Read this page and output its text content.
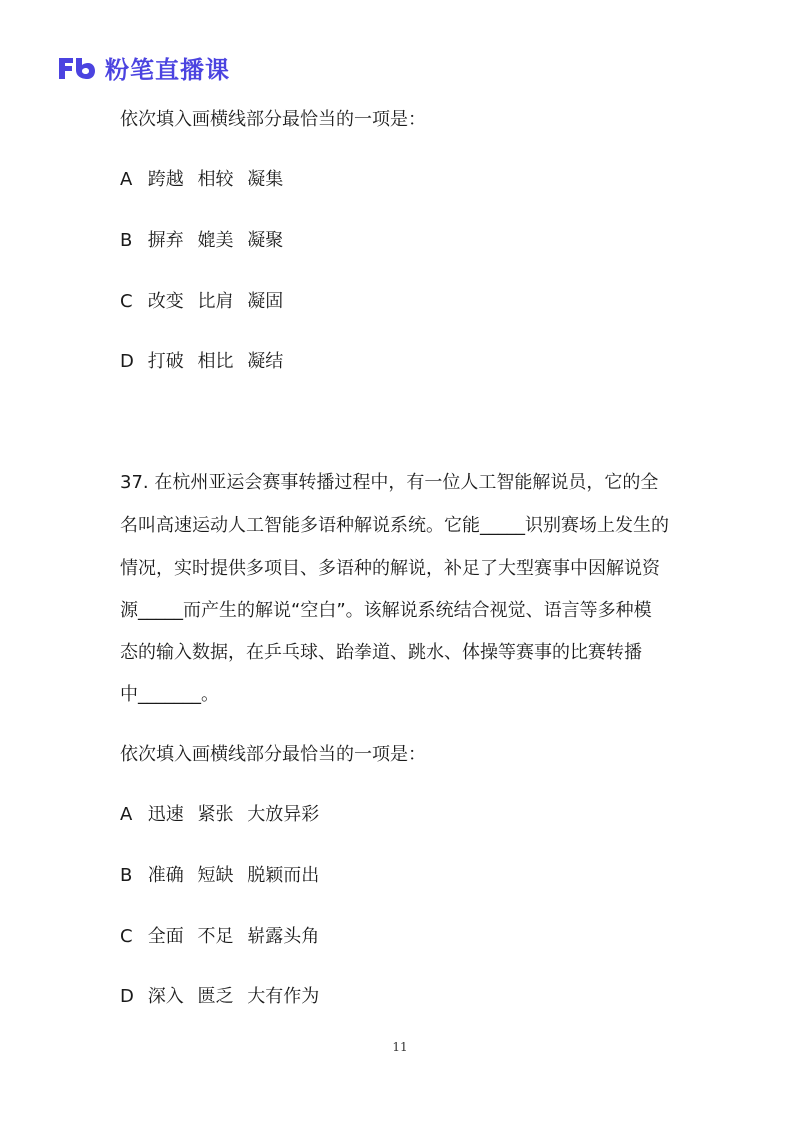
粉笔直播课
依次填入画横线部分最恰当的一项是：
A 跨越 相较 凝集
B 摒弃 媲美 凝聚
C 改变 比肩 凝固
D 打破 相比 凝结
37. 在杭州亚运会赛事转播过程中，有一位人工智能解说员，它的全
名叫高速运动人工智能多语种解说系统。它能_____识别赛场上发生的
情况，实时提供多项目、多语种的解说，补足了大型赛事中因解说资
源_____而产生的解说“空白”。该解说系统结合视觉、语言等多种模
态的输入数据，在乒乓球、跆拳道、跳水、体操等赛事的比赛转播
中_______。
依次填入画横线部分最恰当的一项是：
A 迅速 紧张 大放异彩
B 准确 短缺 脱颖而出
C 全面 不足 崭露头角
D 深入 匮乏 大有作为
11
